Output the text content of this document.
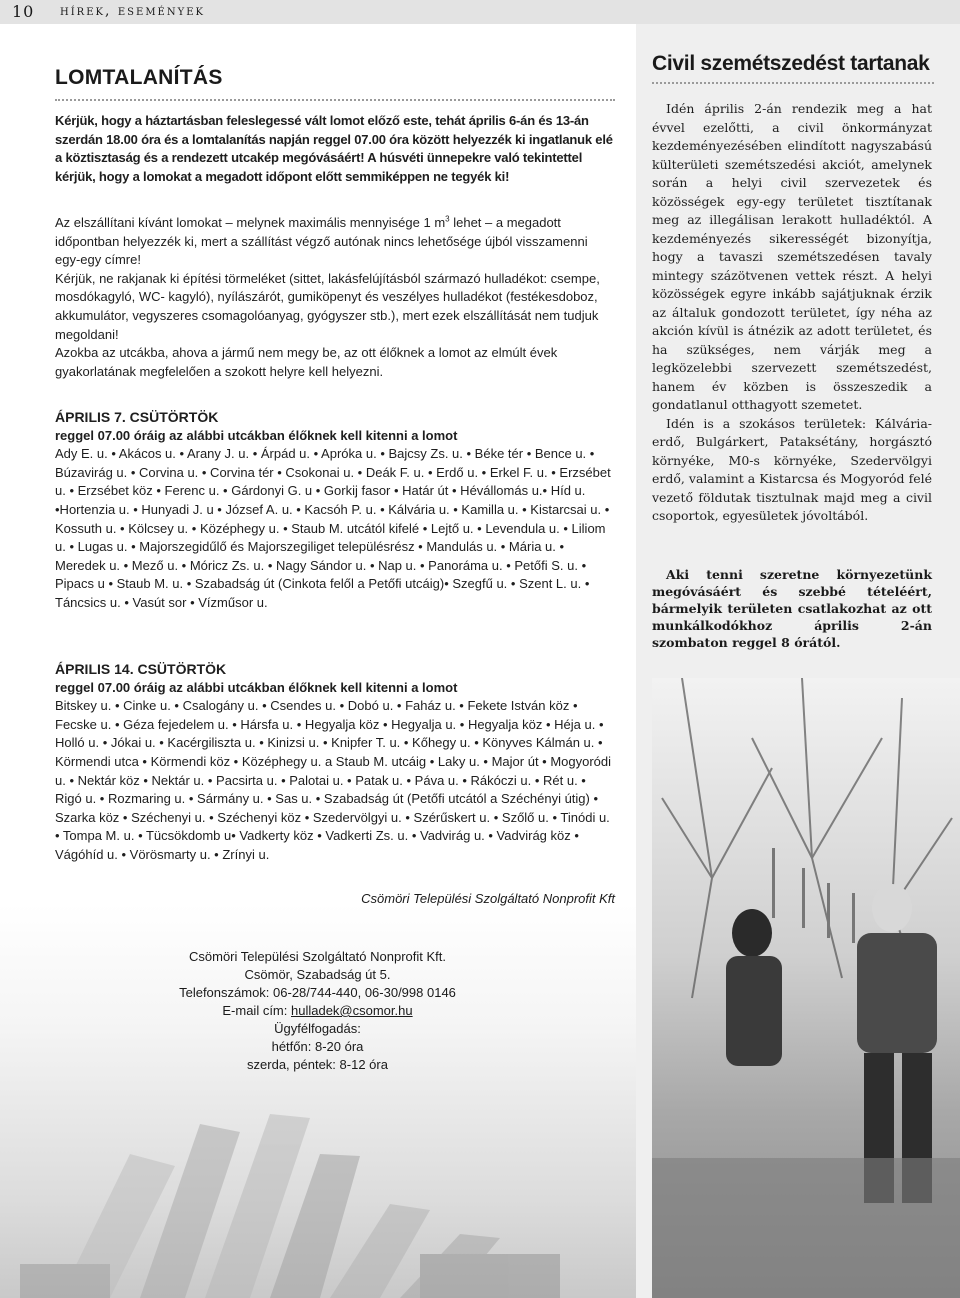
10 hírek, események
LOMTALANÍTÁS

Kérjük, hogy a háztartásban feleslegessé vált lomot előző este, tehát április 6-án és 13-án szerdán 18.00 óra és a lomtalanítás napján reggel 07.00 óra között helyezzék ki ingatlanuk elé a köztisztaság és a rendezett utcakép megóvásáért! A húsvéti ünnepekre való tekintettel kérjük, hogy a lomokat a megadott időpont előtt semmiképpen ne tegyék ki!

Az elszállítani kívánt lomokat – melynek maximális mennyisége 1 $m^3$ lehet – a megadott időpontban helyezzék ki, mert a szállítást végző autónak nincs lehetősége újból visszamenni egy-egy címre!

Kérjük, ne rakjanak ki építési törmeléket (sittet, lakásfelújításból származó hulladékot: csempe, mosdókagyló, WC- kagyló), nyílászárót, gumiköpenyt és veszélyes hulladékot (festékesdoboz, akkumulátor, vegyszeres csomagolóanyag, gyógyszer stb.), mert ezek elszállítását nem tudjuk megoldani!

Azokba az utcákba, ahova a jármű nem megy be, az ott élőknek a lomot az elmúlt évek gyakorlatának megfelelően a szokott helyre kell helyezni.

ÁPRILIS 7. CSÜTÖRTÖK

reggel 07.00 óráig az alábbi utcákban élőknek kell kitenni a lomot

Ady E. u. • Akácos u. • Arany J. u. • Árpád u. • Apróka u. • Bajcsy Zs. u. • Béke tér • Bence u. • Búzavirág u. • Corvina u. • Corvina tér • Csokonai u. • Deák F. u. • Erdő u. • Erkel F. u. • Erzsébet u. • Erzsébet köz • Ferenc u. • Gárdonyi G. u • Gorkij fasor • Határ út • Hévállomás u.• Híd u. •Hortenzia u. • Hunyadi J. u • József A. u. • Kacsóh P. u. • Kálvária u. • Kamilla u. • Kistarcsai u. • Kossuth u. • Kölcsey u. • Középhegy u. • Staub M. utcától kifelé • Lejtő u. • Levendula u. • Liliom u. • Lugas u. • Majorszegidűlő és Majorszegiliget településrész • Mandulás u. • Mária u. • Meredek u. • Mező u. • Móricz Zs. u. • Nagy Sándor u. • Nap u. • Panoráma u. • Petőfi S. u. • Pipacs u • Staub M. u. • Szabadság út (Cinkota felől a Petőfi utcáig)• Szegfű u. • Szent L. u. • Táncsics u. • Vasút sor • Vízműsor u.

ÁPRILIS 14. CSÜTÖRTÖK

reggel 07.00 óráig az alábbi utcákban élőknek kell kitenni a lomot

Bitskey u. • Cinke u. • Csalogány u. • Csendes u. • Dobó u. • Faház u. • Fekete István köz • Fecske u. • Géza fejedelem u. • Hársfa u. • Hegyalja köz • Hegyalja u. • Hegyalja köz • Héja u. • Holló u. • Jókai u. • Kacérgiliszta u. • Kinizsi u. • Knipfer T. u. • Kőhegy u. • Könyves Kálmán u. • Körmendi utca • Körmendi köz • Középhegy u. a Staub M. utcáig • Laky u. • Major út • Mogyoródi u. • Nektár köz • Nektár u. • Pacsirta u. • Palotai u. • Patak u. • Páva u. • Rákóczi u. • Rét u. • Rigó u. • Rozmaring u. • Sármány u. • Sas u. • Szabadság út (Petőfi utcától a Széchényi útig) • Szarka köz • Széchenyi u. • Széchenyi köz • Szedervölgyi u. • Szérűskert u. • Szőlő u. • Tinódi u. • Tompa M. u. • Tücsökdomb u• Vadkerty köz • Vadkerti Zs. u. • Vadvirág u. • Vadvirág köz • Vágóhíd u. • Vörösmarty u. • Zrínyi u.

Csömöri Települési Szolgáltató Nonprofit Kft
Csömöri Települési Szolgáltató Nonprofit Kft.
Csömör, Szabadság út 5.
Telefonszámok: 06-28/744-440, 06-30/998 0146
E-mail cím: hulladek@csomor.hu
Ügyfélfogadás:
hétfőn: 8-20 óra
szerda, péntek: 8-12 óra
Civil szemétszedést tartanak

Idén április 2-án rendezik meg a hat évvel ezelőtti, a civil önkormányzat kezdeményezésében elindított nagyszabású külterületi szemétszedési akciót, amelynek során a helyi civil szervezetek és közösségek egy-egy területet tisztítanak meg az illegálisan lerakott hulladéktól. A kezdeményezés sikerességét bizonyítja, hogy a tavaszi szemétszedésen tavaly mintegy százötvenen vettek részt. A helyi közösségek egyre inkább sajátjuknak érzik az általuk gondozott területet, így néha az akción kívül is átnézik az adott területet, és ha szükséges, nem várják meg a legközelebbi szervezett szemétszedést, hanem év közben is összeszedik a gondatlanul otthagyott szemetet.

Idén is a szokásos területek: Kálvária-erdő, Bulgárkert, Pataksétány, horgásztó környéke, M0-s környéke, Szedervölgyi erdő, valamint a Kistarcsa és Mogyoród felé vezető földutak tisztulnak majd meg a civil csoportok, egyesületek jóvoltából.

Aki tenni szeretne környezetünk megóvásáért és szebbé tételéért, bármelyik területen csatlakozhat az ott munkálkodókhoz április 2-án szombaton reggel 8 órától.
